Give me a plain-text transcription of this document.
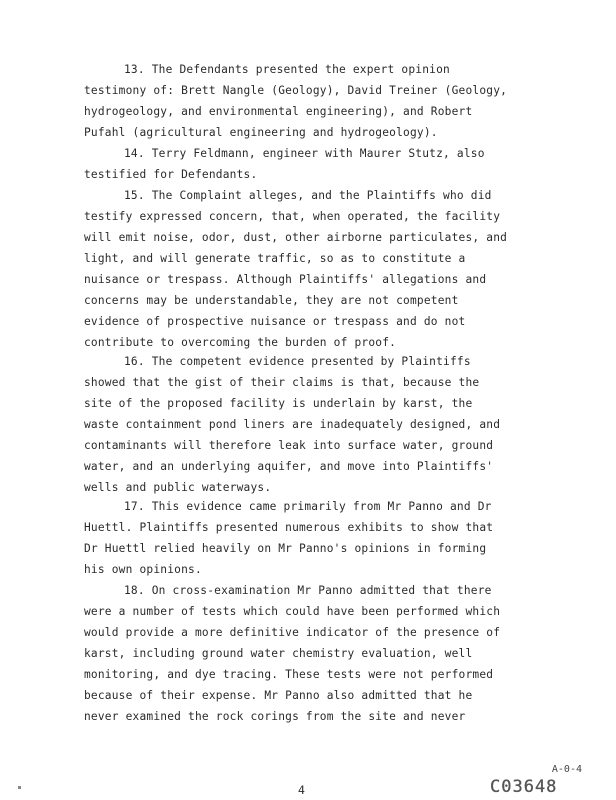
13. The Defendants presented the expert opinion
testimony of: Brett Nangle (Geology), David Treiner (Geology,
hydrogeology, and environmental engineering), and Robert
Pufahl (agricultural engineering and hydrogeology).
14. Terry Feldmann, engineer with Maurer Stutz, also
testified for Defendants.
15. The Complaint alleges, and the Plaintiffs who did
testify expressed concern, that, when operated, the facility
will emit noise, odor, dust, other airborne particulates, and
light, and will generate traffic, so as to constitute a
nuisance or trespass. Although Plaintiffs' allegations and
concerns may be understandable, they are not competent
evidence of prospective nuisance or trespass and do not
contribute to overcoming the burden of proof.
16. The competent evidence presented by Plaintiffs
showed that the gist of their claims is that, because the
site of the proposed facility is underlain by karst, the
waste containment pond liners are inadequately designed, and
contaminants will therefore leak into surface water, ground
water, and an underlying aquifer, and move into Plaintiffs'
wells and public waterways.
17. This evidence came primarily from Mr Panno and Dr
Huettl. Plaintiffs presented numerous exhibits to show that
Dr Huettl relied heavily on Mr Panno's opinions in forming
his own opinions.
18. On cross-examination Mr Panno admitted that there
were a number of tests which could have been performed which
would provide a more definitive indicator of the presence of
karst, including ground water chemistry evaluation, well
monitoring, and dye tracing. These tests were not performed
because of their expense. Mr Panno also admitted that he
never examined the rock corings from the site and never
A-0-4
4	C03648
